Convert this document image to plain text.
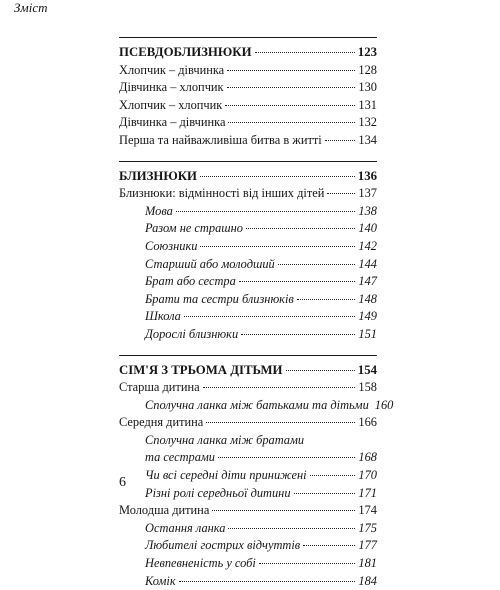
Зміст
ПСЕВДОБЛИЗНЮКИ	123
Хлопчик – дівчинка	128
Дівчинка – хлопчик	130
Хлопчик – хлопчик	131
Дівчинка – дівчинка	132
Перша та найважливіша битва в житті	134
БЛИЗНЮКИ	136
Близнюки: відмінності від інших дітей	137
Мова	138
Разом не страшно	140
Союзники	142
Старший або молодший	144
Брат або сестра	147
Брати та сестри близнюків	148
Школа	149
Дорослі близнюки	151
СІМ'Я З ТРЬОМА ДІТЬМИ	154
Старша дитина	158
Сполучна ланка між батьками та дітьми 160
Середня дитина	166
Сполучна ланка між братами
та сестрами	168
Чи всі середні діти принижені	170
Різні ролі середньої дитини	171
Молодша дитина	174
Остання ланка	175
Любителі гострих відчуттів	177
Невпевненість у собі	181
Комік	184
6
